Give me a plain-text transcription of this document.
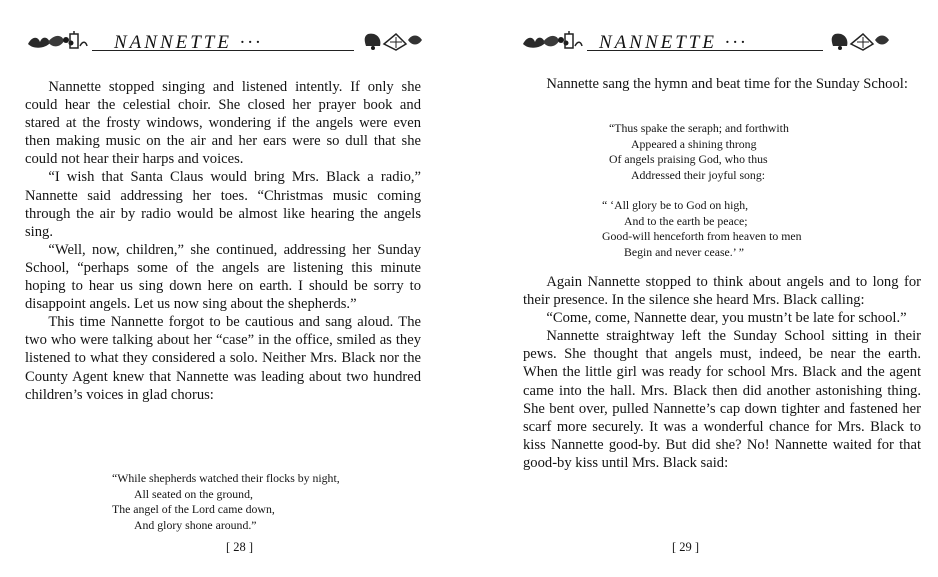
NANNETTE ···

Nannette stopped singing and listened intently. If only she could hear the celestial choir. She closed her prayer book and stared at the frosty windows, wondering if the angels were even then making music on the air and her ears were so dull that she could not hear their harps and voices.

“I wish that Santa Claus would bring Mrs. Black a radio,” Nannette said addressing her toes. “Christmas music coming through the air by radio would be almost like hearing the angels sing.

“Well, now, children,” she continued, addressing her Sunday School, “perhaps some of the angels are listening this minute hoping to hear us sing down here on earth. I should be sorry to disappoint angels. Let us now sing about the shepherds.”

This time Nannette forgot to be cautious and sang aloud. The two who were talking about her “case” in the office, smiled as they listened to what they considered a solo. Neither Mrs. Black nor the County Agent knew that Nannette was leading about two hundred children’s voices in glad chorus:

“While shepherds watched their flocks by night,
All seated on the ground,
The angel of the Lord came down,
And glory shone around.”
[ 28 ]
NANNETTE ···

Nannette sang the hymn and beat time for the Sunday School:

“Thus spake the seraph; and forthwith
Appeared a shining throng
Of angels praising God, who thus
Addressed their joyful song:
“ ‘All glory be to God on high,
And to the earth be peace;
Good-will henceforth from heaven to men
Begin and never cease.’ ”

Again Nannette stopped to think about angels and to long for their presence. In the silence she heard Mrs. Black calling:

“Come, come, Nannette dear, you mustn’t be late for school.”

Nannette straightway left the Sunday School sitting in their pews. She thought that angels must, indeed, be near the earth. When the little girl was ready for school Mrs. Black and the agent came into the hall. Mrs. Black then did another astonishing thing. She bent over, pulled Nannette’s cap down tighter and fastened her scarf more securely. It was a wonderful chance for Mrs. Black to kiss Nannette good-by. But did she? No! Nannette waited for that good-by kiss until Mrs. Black said:

[ 29 ]
